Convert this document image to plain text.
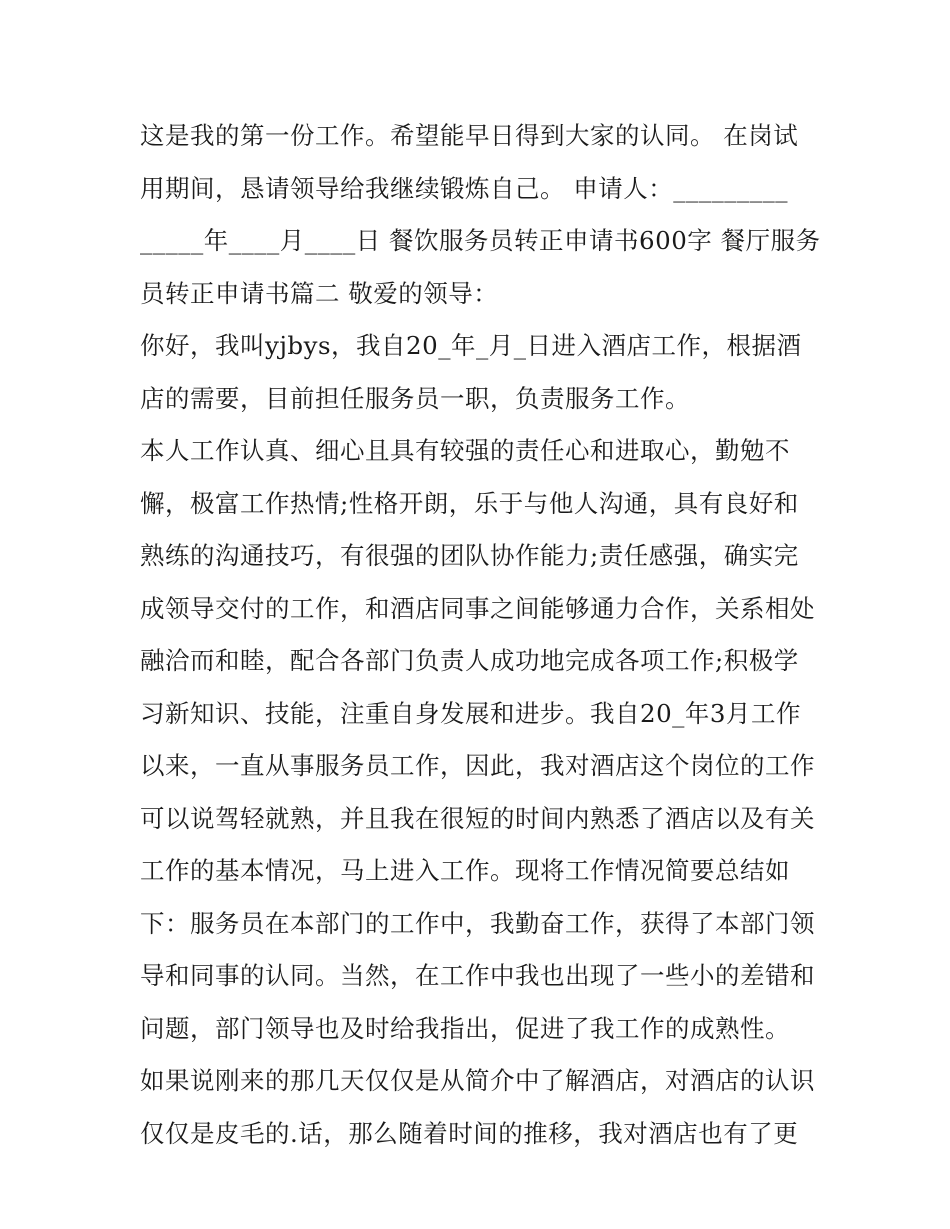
这是我的第一份工作。希望能早日得到大家的认同。 在岗试
用期间，恳请领导给我继续锻炼自己。 申请人：_________
_____年____月____日 餐饮服务员转正申请书600字 餐厅服务
员转正申请书篇二 敬爱的领导：
你好，我叫yjbys，我自20_年_月_日进入酒店工作，根据酒
店的需要，目前担任服务员一职，负责服务工作。
本人工作认真、细心且具有较强的责任心和进取心，勤勉不
懈，极富工作热情;性格开朗，乐于与他人沟通，具有良好和
熟练的沟通技巧，有很强的团队协作能力;责任感强，确实完
成领导交付的工作，和酒店同事之间能够通力合作，关系相处
融洽而和睦，配合各部门负责人成功地完成各项工作;积极学
习新知识、技能，注重自身发展和进步。我自20_年3月工作
以来，一直从事服务员工作，因此，我对酒店这个岗位的工作
可以说驾轻就熟，并且我在很短的时间内熟悉了酒店以及有关
工作的基本情况，马上进入工作。现将工作情况简要总结如
下：服务员在本部门的工作中，我勤奋工作，获得了本部门领
导和同事的认同。当然，在工作中我也出现了一些小的差错和
问题，部门领导也及时给我指出，促进了我工作的成熟性。
如果说刚来的那几天仅仅是从简介中了解酒店，对酒店的认识
仅仅是皮毛的.话，那么随着时间的推移，我对酒店也有了更
